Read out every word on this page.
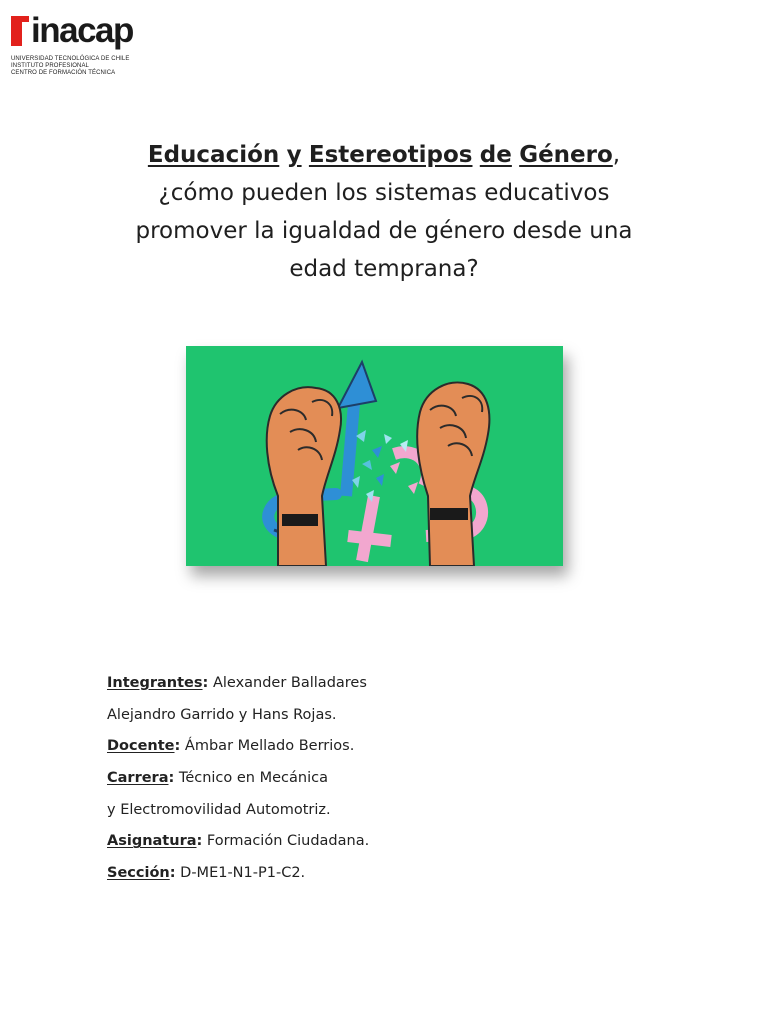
inacap
UNIVERSIDAD TECNOLÓGICA DE CHILE
INSTITUTO PROFESIONAL
CENTRO DE FORMACIÓN TÉCNICA
Educación y Estereotipos de Género,
¿cómo pueden los sistemas educativos
promover la igualdad de género desde una
edad temprana?
Integrantes: Alexander Balladares
Alejandro Garrido y Hans Rojas.
Docente: Ámbar Mellado Berrios.
Carrera: Técnico en Mecánica
y Electromovilidad Automotriz.
Asignatura: Formación Ciudadana.
Sección: D-ME1-N1-P1-C2.
